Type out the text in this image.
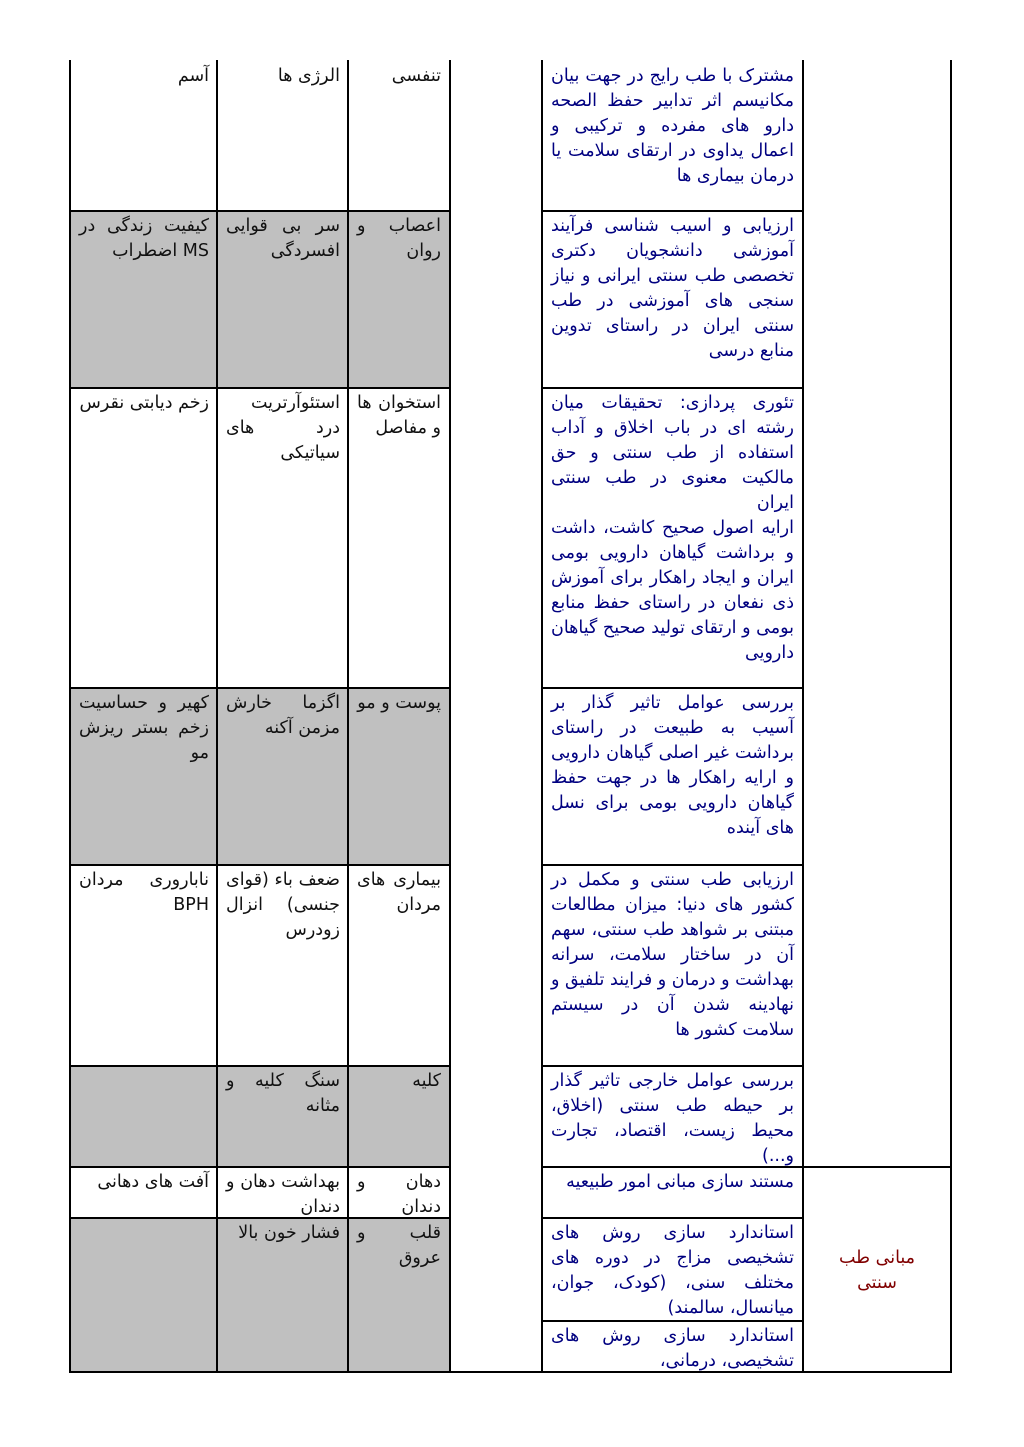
تنفسی
الرژی ها
آسم
اعصاب و روان
سر بی قوایی افسردگی
کیفیت زندگی در MS اضطراب
استخوان ها و مفاصل
استئوآرتریت درد های سیاتیکی
زخم دیابتی نقرس
پوست و مو
اگزما خارش مزمن آکنه
کهیر و حساسیت زخم بستر ریزش مو
بیماری های مردان
ضعف باء (قوای جنسی) انزال زودرس
ناباروری مردان BPH
کلیه
سنگ کلیه و مثانه
دهان و دندان
بهداشت دهان و دندان
آفت های دهانی
قلب و عروق
فشار خون بالا
مشترک با طب رایج در جهت بیان مکانیسم اثر تدابیر حفظ الصحه دارو های مفرده و ترکیبی و اعمال یداوی در ارتقای سلامت یا درمان بیماری ها
ارزیابی و اسیب شناسی فرآیند آموزشی دانشجویان دکتری تخصصی طب سنتی ایرانی و نیاز سنجی های آموزشی در طب سنتی ایران در راستای تدوین منابع درسی
تئوری پردازی: تحقیقات میان رشته ای در باب اخلاق و آداب استفاده از طب سنتی و حق مالکیت معنوی در طب سنتی ایران
ارایه اصول صحیح کاشت، داشت و برداشت گیاهان دارویی بومی ایران و ایجاد راهکار برای آموزش ذی نفعان در راستای حفظ منابع بومی و ارتقای تولید صحیح گیاهان دارویی
بررسی عوامل تاثیر گذار بر آسیب به طبیعت در راستای برداشت غیر اصلی گیاهان دارویی و ارایه راهکار ها در جهت حفظ گیاهان دارویی بومی برای نسل های آینده
ارزیابی طب سنتی و مکمل در کشور های دنیا: میزان مطالعات مبتنی بر شواهد طب سنتی، سهم آن در ساختار سلامت، سرانه بهداشت و درمان و فرایند تلفیق و نهادینه شدن آن در سیستم سلامت کشور ها
بررسی عوامل خارجی تاثیر گذار بر حیطه طب سنتی (اخلاق، محیط زیست، اقتصاد، تجارت و...)
مستند سازی مبانی امور طبیعیه
استاندارد سازی روش های تشخیصی مزاج در دوره های مختلف سنی، (کودک، جوان، میانسال، سالمند)
استاندارد سازی روش های تشخیصی، درمانی،
مبانی طب سنتی
